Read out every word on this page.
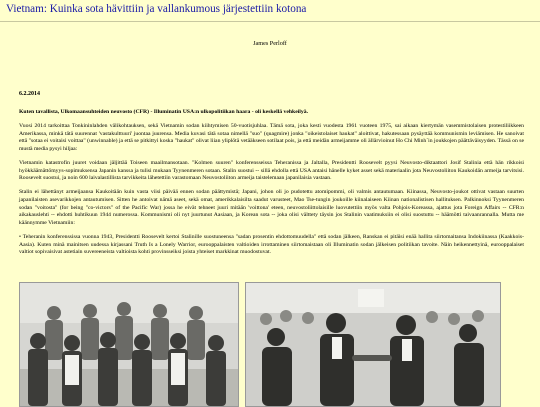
Vietnam: Kuinka sota hävittiin ja vallankumous järjestettiin kotona
James Perloff
6.2.2014

Kuten tavallista, Ulkomaansuhteiden neuvosto (CFR) - Illuminatin USA:n ulkopolitiikan haara - oli keskellä vehkeilyä.

Vuosi 2014 tarkoittaa Tonkininlahden välikohtauksen, sekä Vietnamin sodan kiihtymisen 50-vuotisjuhlaa. Tämä sota, joka kesti vuodesta 1961 vuoteen 1975, sai aikaan kiertymän vasemmistolaisen protestiliikkeen Amerikassa, minkä tätä suurennat 'vastakulttuuri' juontaa juurensa. Media kuvasi tätä sotaa nimellä "suo" (quagmire) jonka "oikeistolaiset haukat" aloittivat, hakutessaan pysäyttää kommunismin leviämisen. He sanoivat että "sotaa ei voitaisi voittaa" (unwinnable) ja että se pitkittyi koska "haukat" olivat liian yliplötä vetääkseen sotilaat pois, ja että meidän armeijamme oli ällärvioinut Ho Chi Minh´in joukkojen päättäväisyyden. Tässä on se mustä media pysyi hiljaa:

Vietnamin katastrofin juuret voidaan jäljittää Toiseen maailmansotaan. "Kolmen suuren" konferensseissa Teheranissa ja Jaltalla, Presidentti Roosevelt pyysi Neuvosto-diktaattori Josif Stalinia että hän rikkoisi hyökkäämättömyys-sopimuksensa Japanin kanssa ja tulisi mukaan Tyynenmeren sotaan. Stalin suostui -- sillä ehdolla että USA antaisi hänelle kyket asset sekä materiaalin jota Neuvostoliiton Kaukoidän armeija tarvitsisi. Roosevelt suostui, ja noin 600 laivalastillista tarvikkeita lähetettiin varastomaan Neuvostoliiton armeija taistelemaan japanilaisia vastaan.

Stalin ei lähettänyt armeijaansa Kaukoitään kuin vasta viisi päivää ennen sodan päättymistä; Japani, johon oli jo pudotettu atomipommi, oli valmis antautumaan. Kiinassa, Neuvosto-joukot ottivat vastaan suurten japanilaisten asevarikkojen antautumisen. Sitten he antoivat nämä aseet, sekä omat, amerikkalaisilta saadut varusteet, Mao Tse-tungin joukoille kiinalaiseen Kiinan nationalistisen hallituksen. Palkinnoksi Tyynenmeren sodan "voitosta" (for being "co-victors" of the Pacific War) jossa he eivät tehneet juuri mitään 'voittona' eteen, neuvostoliittolaisille luovutettiin myös valta Pohjois-Koreassa, ajattus jota Foreign Affairs -- CFR:n aikakauslehti -- ehdotti huhtikuun 1944 numerossa. Kommunismi oli nyt juurtunut Aasiaan, ja Korean sota -- joka olisi välttety täysin jos Stalinin vaatimuksiin ei olisi suostuttu -- häämötti taivaanrannalla. Mutta me käännymme Vietnamiin:

• Teheranin konferenssissa vuonna 1943, Presidentti Roosevelt kertoi Stalinille suostuneensa "sadan prosentin ehdottomuudella" että sodan jälkeen, Ranskan ei pitäisi enää hallita siirtomaitansa Indokiinassa (Kaakkois-Aasia). Kuten minä mainitsen uudessa kirjassani Truth Is a Lonely Warrior, eurooppalaisten valtioiden irrottaminen siirtomaistaan oli Illuminatin sodan jälkeisen politiikan tavoite. Näin heikennettyinä, eurooppalaiset valtiot sopivaisivat astetiain suvereeneista valtioista kohti provinsseiksi joista yhteiset markkinat muodostuvat.
